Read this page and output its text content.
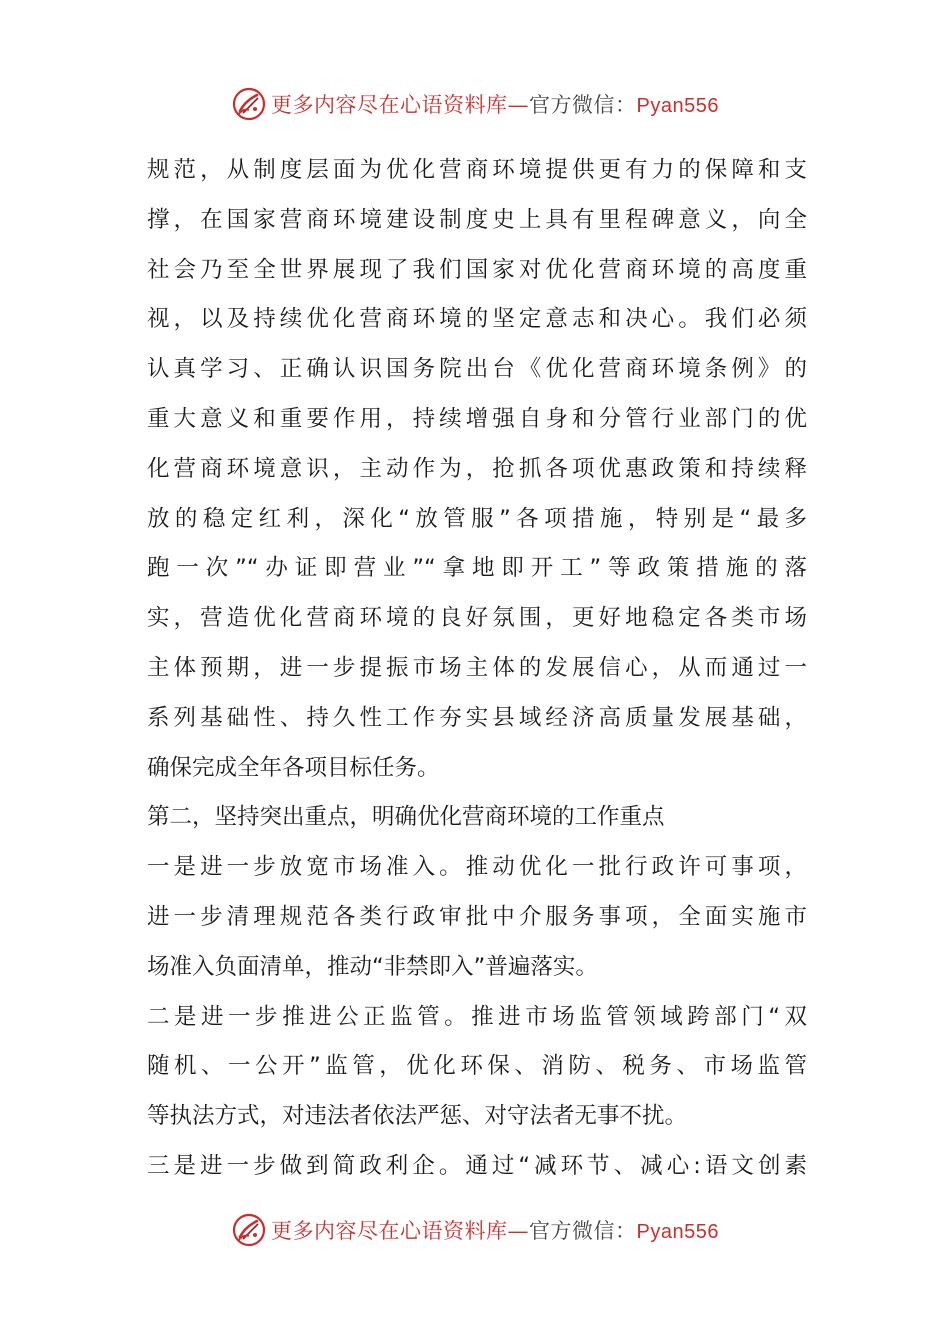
更多内容尽在心语资料库—官方微信：Pyan556
规范，从制度层面为优化营商环境提供更有力的保障和支
撑，在国家营商环境建设制度史上具有里程碑意义，向全
社会乃至全世界展现了我们国家对优化营商环境的高度重
视，以及持续优化营商环境的坚定意志和决心。我们必须
认真学习、正确认识国务院出台《优化营商环境条例》的
重大意义和重要作用，持续增强自身和分管行业部门的优
化营商环境意识，主动作为，抢抓各项优惠政策和持续释
放的稳定红利，深化“放管服”各项措施，特别是“最多
跑一次”“办证即营业”“拿地即开工”等政策措施的落
实，营造优化营商环境的良好氛围，更好地稳定各类市场
主体预期，进一步提振市场主体的发展信心，从而通过一
系列基础性、持久性工作夯实县域经济高质量发展基础，
确保完成全年各项目标任务。
第二，坚持突出重点，明确优化营商环境的工作重点
一是进一步放宽市场准入。推动优化一批行政许可事项，
进一步清理规范各类行政审批中介服务事项，全面实施市
场准入负面清单，推动“非禁即入”普遍落实。
二是进一步推进公正监管。推进市场监管领域跨部门“双
随机、一公开”监管，优化环保、消防、税务、市场监管
等执法方式，对违法者依法严惩、对守法者无事不扰。
三是进一步做到简政利企。通过“减环节、减心:语文创素
更多内容尽在心语资料库—官方微信：Pyan556
